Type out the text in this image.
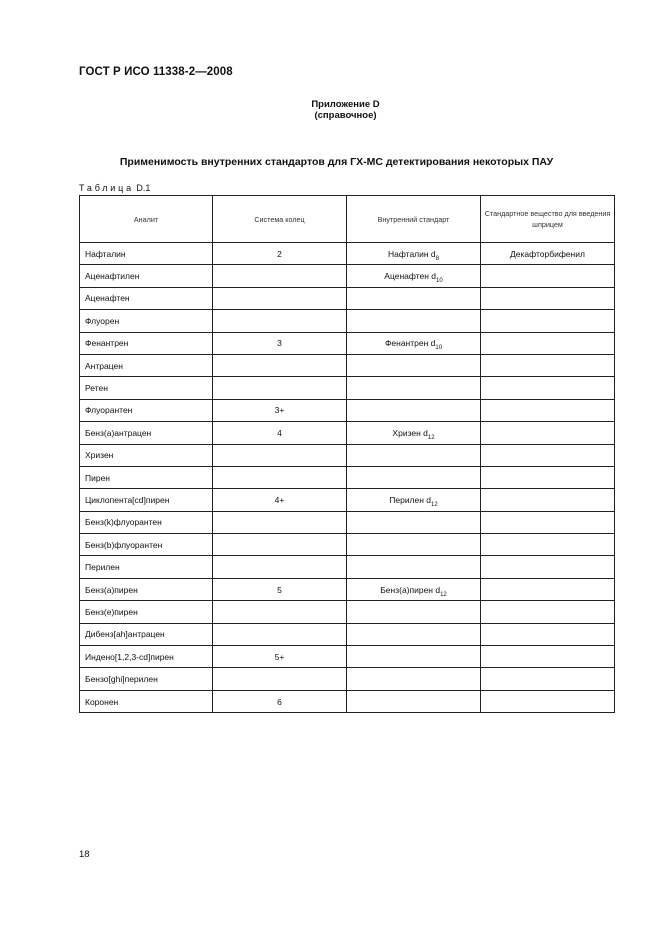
ГОСТ Р ИСО 11338-2—2008
Приложение D
(справочное)
Применимость внутренних стандартов для ГХ-МС детектирования некоторых ПАУ
Таблица D.1
Аналит	Система колец	Внутренний стандарт	Стандартное вещество для введения шприцем
Нафталин	2	Нафталин $d_8$	Декафторбифенил
Аценафтилен		Аценафтен $d_{10}$	
Аценафтен			
Флуорен			
Фенантрен	3	Фенантрен $d_{10}$	
Антрацен			
Ретен			
Флуорантен	3+		
Бенз(а)антрацен	4	Хризен $d_{12}$	
Хризен			
Пирен			
Циклопента[cd]пирен	4+	Перилен $d_{12}$	
Бенз(k)флуорантен			
Бенз(b)флуорантен			
Перилен			
Бенз(а)пирен	5	Бенз(а)пирен $d_{12}$	
Бенз(е)пирен			
Дибенз[ah]антрацен			
Индено[1,2,3-cd]пирен	5+		
Бензо[ghi]перилен			
Коронен	6		
18
